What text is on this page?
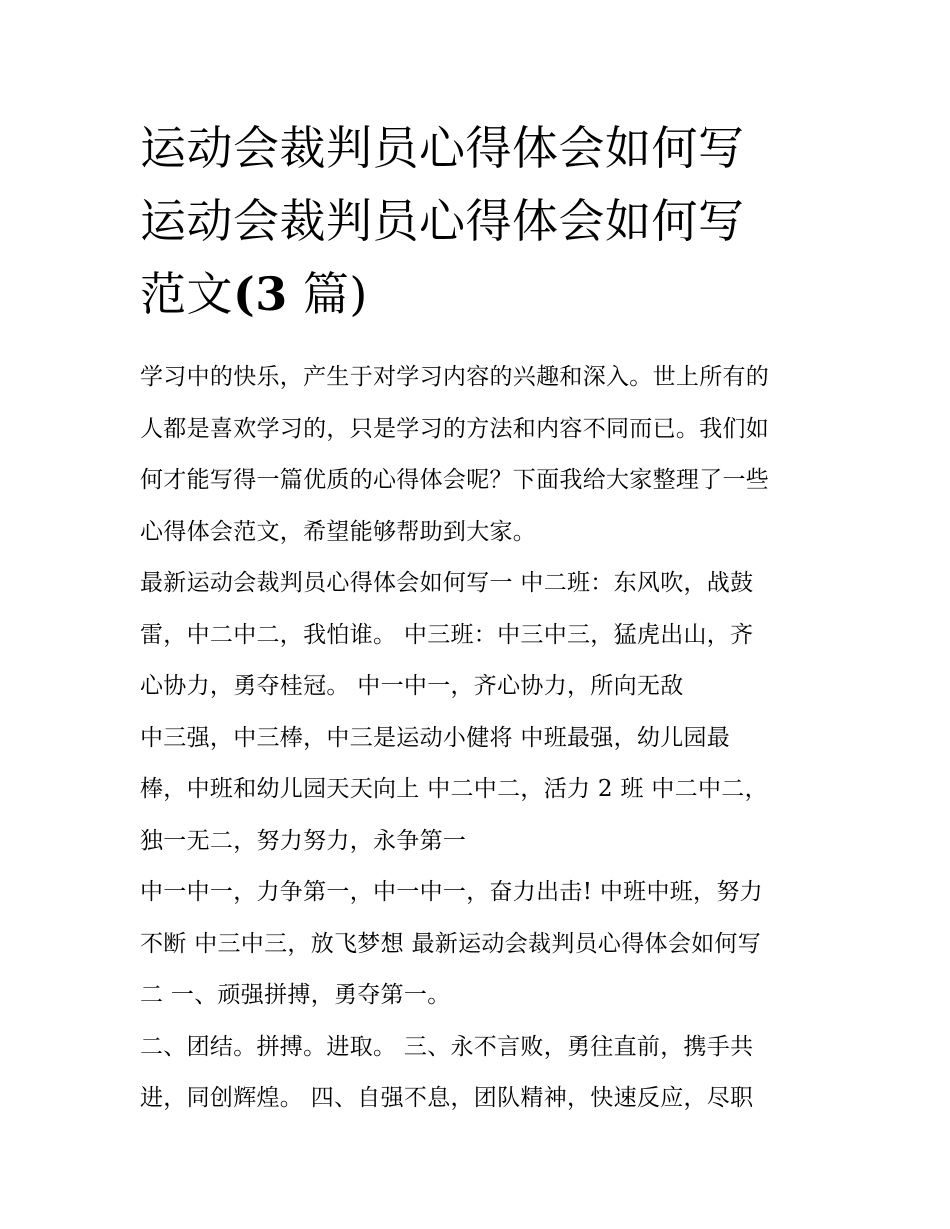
运动会裁判员心得体会如何写
运动会裁判员心得体会如何写
范文(3 篇)

学习中的快乐，产生于对学习内容的兴趣和深入。世上所有的
人都是喜欢学习的，只是学习的方法和内容不同而已。我们如
何才能写得一篇优质的心得体会呢？下面我给大家整理了一些
心得体会范文，希望能够帮助到大家。

最新运动会裁判员心得体会如何写一 中二班：东风吹，战鼓
雷，中二中二，我怕谁。 中三班：中三中三，猛虎出山，齐
心协力，勇夺桂冠。 中一中一，齐心协力，所向无敌

中三强，中三棒，中三是运动小健将 中班最强，幼儿园最
棒，中班和幼儿园天天向上 中二中二，活力 2 班 中二中二，
独一无二，努力努力，永争第一

中一中一，力争第一，中一中一，奋力出击! 中班中班，努力
不断 中三中三，放飞梦想 最新运动会裁判员心得体会如何写
二 一、顽强拼搏，勇夺第一。

二、团结。拼搏。进取。 三、永不言败，勇往直前，携手共
进，同创辉煌。 四、自强不息，团队精神，快速反应，尽职
